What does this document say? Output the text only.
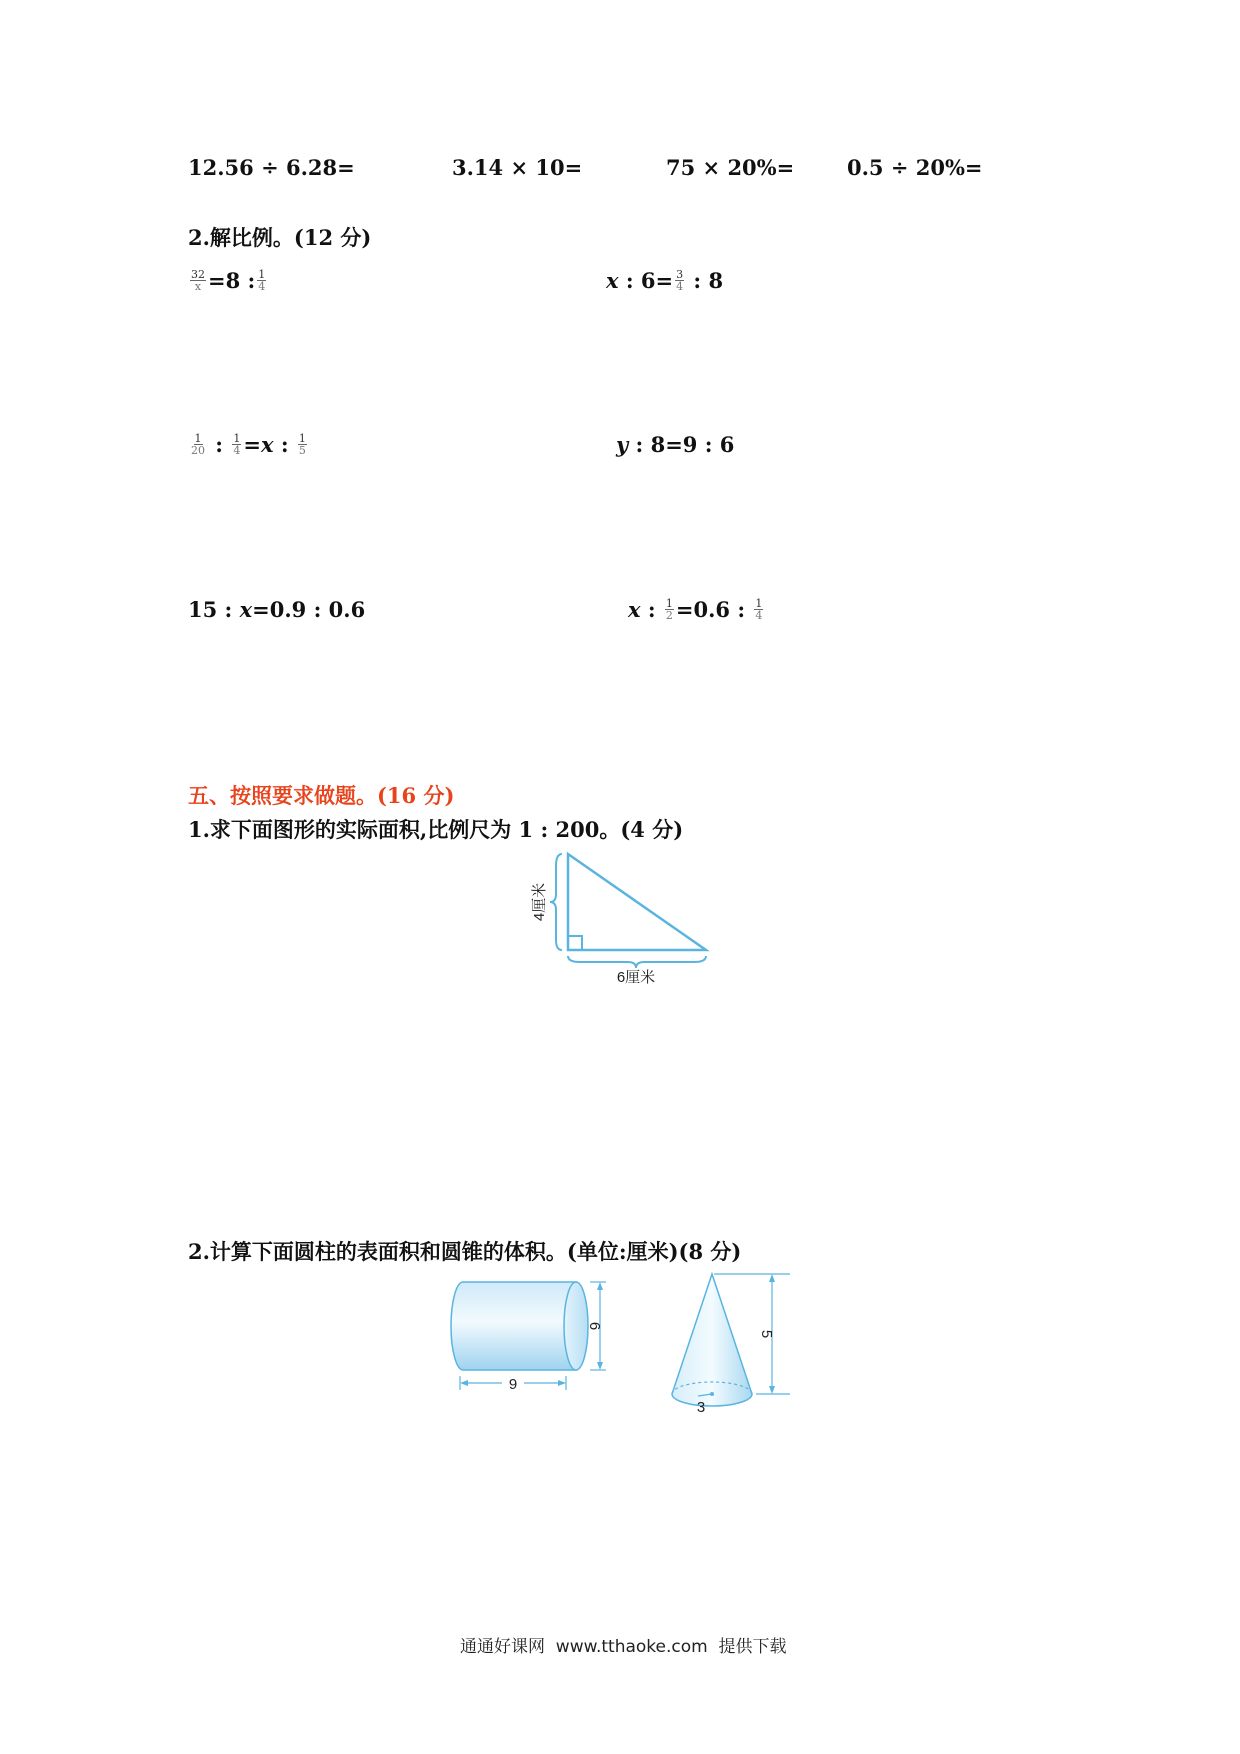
12.56 ÷ 6.28=	3.14 × 10=	75 × 20%=	0.5 ÷ 20%=
2.解比例。(12 分)
$\frac{32}{x} =8$ : $\frac{1}{4}$	x : $6= \frac{3}{4}$ : 8
$\frac{1}{20}$ : $\frac{1}{4} = x$ : $\frac{1}{5}$	y : 8=9 : 6
15 : x =0.9 : 0.6	x : $\frac{1}{2} =0.6$ : $\frac{1}{4}$
五、按照要求做题。(16 分)
1.求下面图形的实际面积,比例尺为 1 : 200。(4 分)
4厘米
6厘米
2.计算下面圆柱的表面积和圆锥的体积。(单位:厘米)(8 分)
6
9
3
5
通通好课网  www.tthaoke.com  提供下载
